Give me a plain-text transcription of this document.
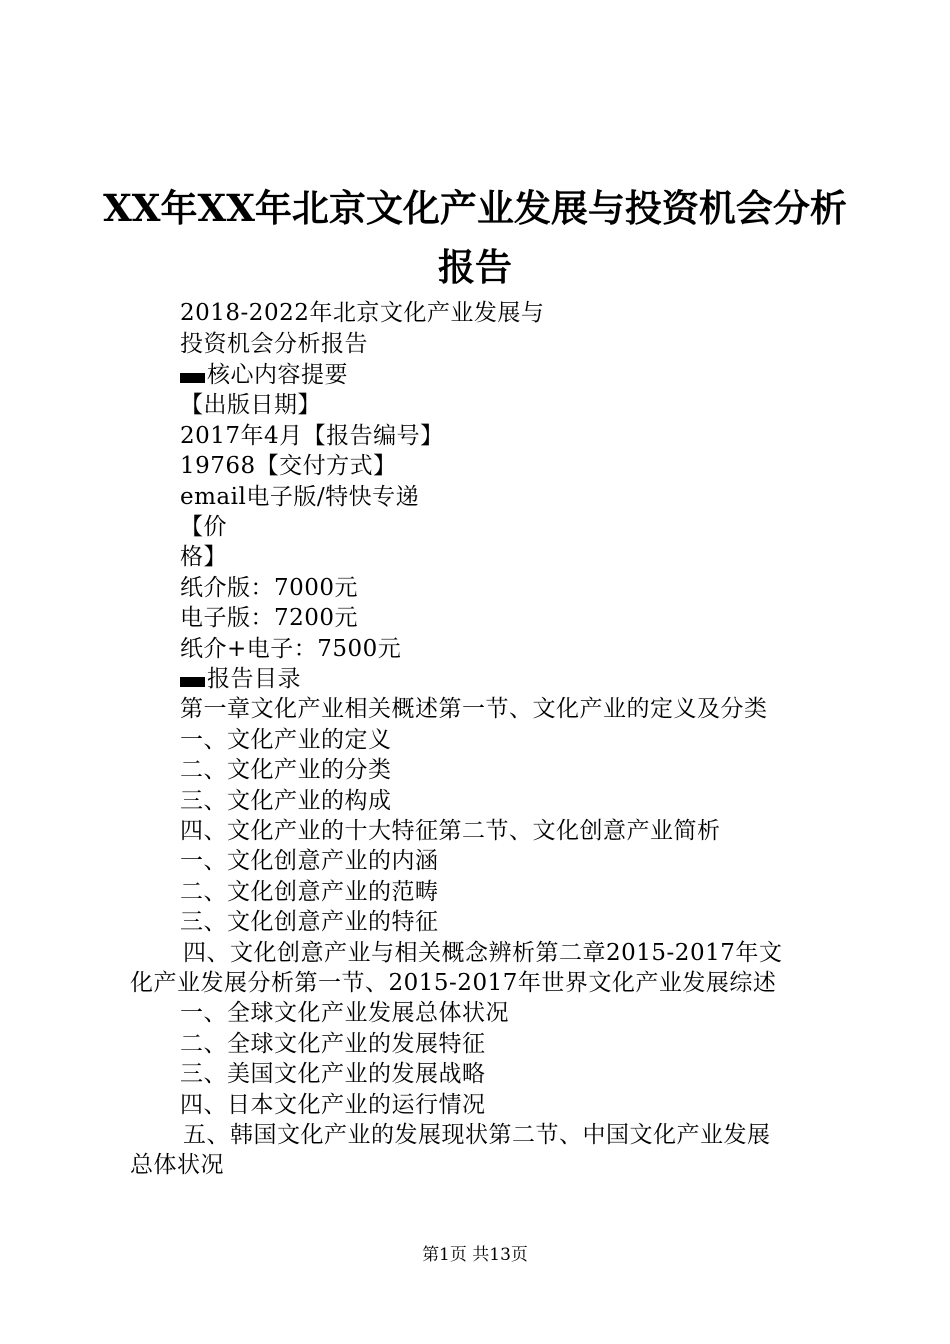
XX年XX年北京文化产业发展与投资机会分析
报告
2018-2022年北京文化产业发展与
投资机会分析报告
核心内容提要
【出版日期】
2017年4月【报告编号】
19768【交付方式】
email电子版/特快专递
【价
格】
纸介版：7000元
电子版：7200元
纸介+电子：7500元
报告目录
第一章文化产业相关概述第一节、文化产业的定义及分类
一、文化产业的定义
二、文化产业的分类
三、文化产业的构成
四、文化产业的十大特征第二节、文化创意产业简析
一、文化创意产业的内涵
二、文化创意产业的范畴
三、文化创意产业的特征
四、文化创意产业与相关概念辨析第二章2015-2017年文
化产业发展分析第一节、2015-2017年世界文化产业发展综述
一、全球文化产业发展总体状况
二、全球文化产业的发展特征
三、美国文化产业的发展战略
四、日本文化产业的运行情况
五、韩国文化产业的发展现状第二节、中国文化产业发展
总体状况
第1页 共13页
